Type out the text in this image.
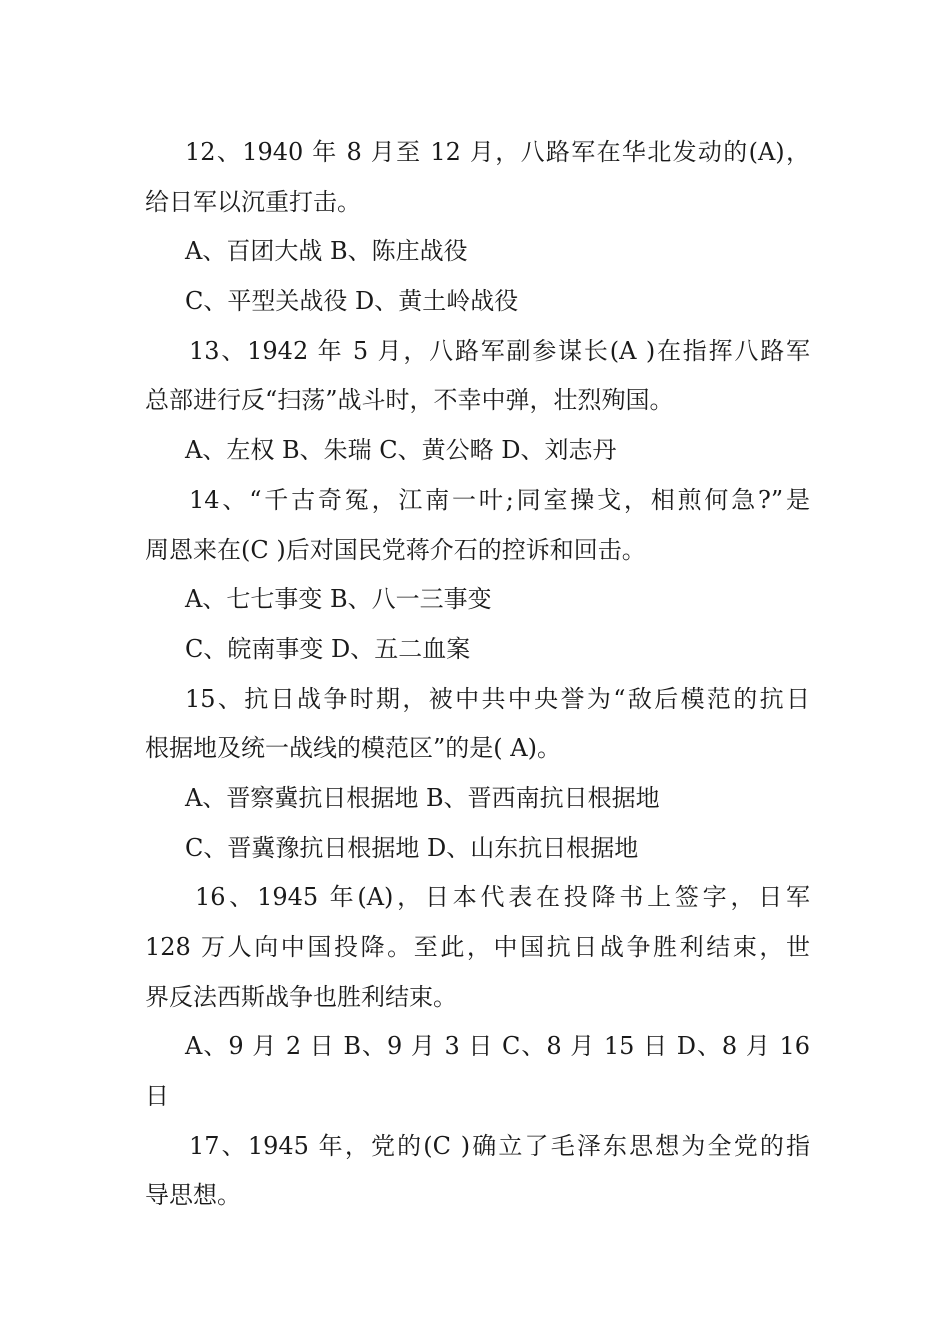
12、1940 年 8 月至 12 月，八路军在华北发动的(A)，

给日军以沉重打击。

A、百团大战 B、陈庄战役

C、平型关战役 D、黄土岭战役

13、1942 年 5 月，八路军副参谋长(A )在指挥八路军

总部进行反“扫荡”战斗时，不幸中弹，壮烈殉国。

A、左权 B、朱瑞 C、黄公略 D、刘志丹

14、“千古奇冤，江南一叶;同室操戈，相煎何急?”是

周恩来在(C )后对国民党蒋介石的控诉和回击。

A、七七事变 B、八一三事变

C、皖南事变 D、五二血案

15、抗日战争时期，被中共中央誉为“敌后模范的抗日

根据地及统一战线的模范区”的是( A)。

A、晋察冀抗日根据地 B、晋西南抗日根据地

C、晋冀豫抗日根据地 D、山东抗日根据地

16、1945 年(A)，日本代表在投降书上签字，日军

128 万人向中国投降。至此，中国抗日战争胜利结束，世

界反法西斯战争也胜利结束。

A、9 月 2 日 B、9 月 3 日 C、8 月 15 日 D、8 月 16

日

17、1945 年，党的(C )确立了毛泽东思想为全党的指

导思想。
